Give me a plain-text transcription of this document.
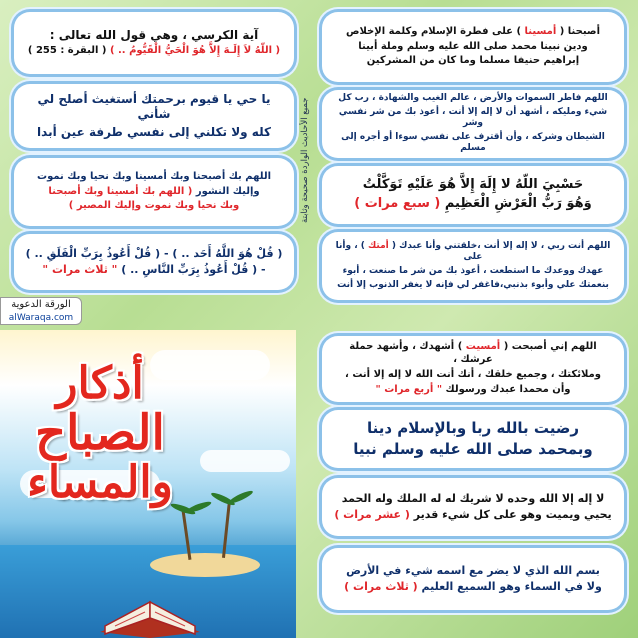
أصبحنا ( أمسينا ) على فطرة الإسلام وكلمة الإخلاص

ودين نبينا محمد صلى الله عليه وسلم وملة أبينا

إبراهيم حنيفا مسلما وما كان من المشركين

اللهم فاطر السموات والأرض ، عالم الغيب والشهادة ، رب كل

شيء ومليكه ، أشهد أن لا إله إلا أنت ، أعوذ بك من شر نفسي وشر

الشيطان وشركه ، وأن أقترف على نفسي سوءا أو أجره إلى مسلم

حَسْبِيَ اللّهُ لا إِلَهَ إِلاَّ هُوَ عَلَيْهِ تَوَكَّلْتُ

وَهُوَ رَبُّ الْعَرْشِ الْعَظِيمِ ( سبع مرات )

اللهم أنت ربي ، لا إله إلا أنت ،خلقتني وأنا عبدك ( أمتك ) ، وأنا على

عهدك ووعدك ما استطعت ، أعوذ بك من شر ما صنعت ، أبوء

بنعمتك علي وأبوء بذنبي،فاغفر لي فإنه لا يغفر الذنوب إلا أنت

اللهم إني أصبحت ( أمسيت ) أشهدك ، وأشهد حملة عرشك ،

وملائكتك ، وجميع خلقك ، أنك أنت الله لا إله إلا أنت ،

وأن محمدا عبدك ورسولك " أربع مرات "

رضيت بالله ربا وبالإسلام دينا

وبمحمد صلى الله عليه وسلم نبيا

لا إله إلا الله وحده لا شريك له له الملك وله الحمد

يحيي ويميت وهو على كل شيء قدير ( عشر مرات )

بسم الله الذي لا يضر مع اسمه شيء في الأرض

ولا في السماء وهو السميع العليم ( ثلاث مرات )

جميع الأحاديث الواردة صحيحة وثابتة

آية الكرسي ، وهي قول الله تعالى :

( اللّهُ لاَ إِلَـهَ إِلاَّ هُوَ الْحَيُّ الْقَيُّومُ .. ) ( البقرة : 255 )

يا حي يا قيوم برحمتك أستغيث أصلح لي شأني

كله ولا تكلني إلى نفسي طرفة عين أبدا

اللهم بك أصبحنا وبك أمسينا وبك نحيا وبك نموت

وإليك النشور ( اللهم بك أمسينا وبك أصبحنا

وبك نحيا وبك نموت وإليك المصير )

( قُلْ هُوَ اللَّهُ أَحَد .. ) - ( قُلْ أَعُوذُ بِرَبِّ الْفَلَقِ .. )

- ( قُلْ أَعُوذُ بِرَبِّ النَّاسِ .. ) " ثلاث مرات "

الورقة الدعوية
alWaraqa.com
أذكار
الصباح
والمساء
